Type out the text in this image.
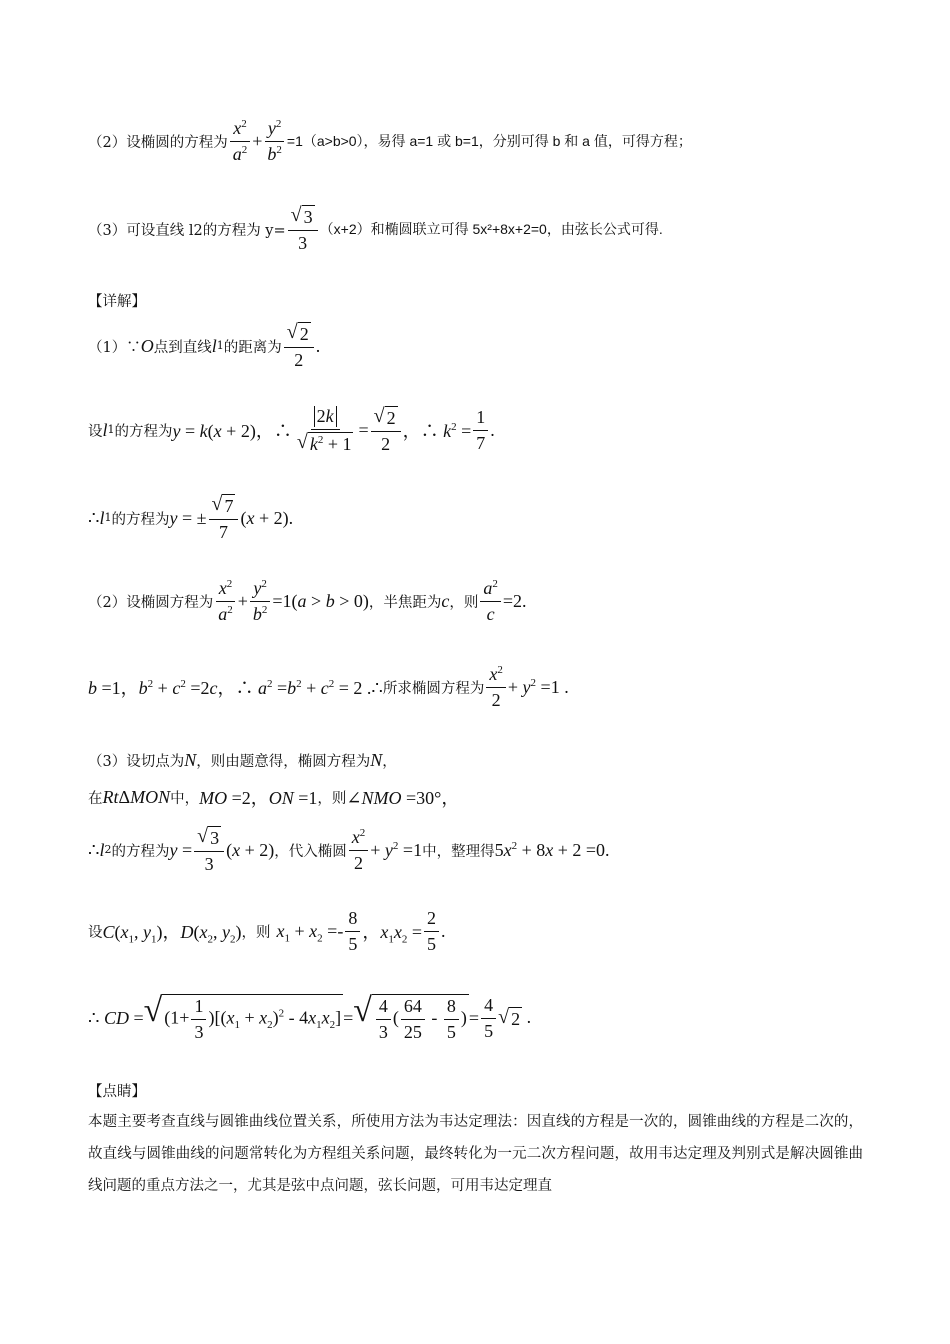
（2）设椭圆的方程为 $\frac{x^2}{a^2} + \frac{y^2}{b^2} =1(a>b>0)$，易得 a=1 或 b=1，分别可得 b 和 a 值，可得方程；
（3）可设直线 l2的方程为 $y= \frac{√ 3}{3} (x+2)$和椭圆联立可得 5x²+8x+2=0，由弦长公式可得.
【详解】
（1）∵ O 点到直线 l 1 的距离为 $\frac{√ 2}{2}$ .
设 l 1 的方程为 y = k(x + 2)，∴ $\frac{2k}{√ k^2 + 1} = \frac{√ 2}{2}$ ，∴ $k^2 = \frac{1}{7}$ .
∴ l 1 的方程为 y = ± $\frac{√ 7}{7} (x + 2)$.
（2）设椭圆方程为 $\frac{x^2}{a^2} + \frac{y^2}{b^2} =1(a > b > 0)$ ，半焦距为 c ，则 $\frac{a^2}{c} =2$.
b =1，$b^2 + c^2 =2c$，∴ $a^2 =b^2 + c^2 = 2$ .∴ 所求椭圆方程为 $\frac{x^2}{2} + y^2 =1$ .
（3）设切点为 N ，则由题意得，椭圆方程为 N ，
在 RtΔMON 中， MO =2，ON =1 ，则 ∠NMO =30°，
∴ l 2 的方程为 $y = \frac{√ 3}{3} (x + 2)$ ，代入椭圆 $\frac{x^2}{2} + y^2 =1$ 中，整理得 $5x^2 + 8x + 2 =0$.
设 $C(x_1$, $y_1$)，$D(x_2$, $y_2$) ，则 $x_1 + x_2 =- \frac{8}{5}$ ，$x_1x_2 = \frac{2}{5}$ .
∴ CD = √ $(1+ \frac{1}{3} )[(x_1 + x_2)^2 - 4x_1x_2]$ = √ $\frac{4}{3}$ ( $\frac{64}{25} - \frac{8}{5}$ ) = $\frac{4}{5}$ √ 2 .
【点睛】
本题主要考查直线与圆锥曲线位置关系，所使用方法为韦达定理法：因直线的方程是一次的，圆锥曲线的方程是二次的，故直线与圆锥曲线的问题常转化为方程组关系问题，最终转化为一元二次方程问题，故用韦达定理及判别式是解决圆锥曲线问题的重点方法之一，尤其是弦中点问题，弦长问题，可用韦达定理直
